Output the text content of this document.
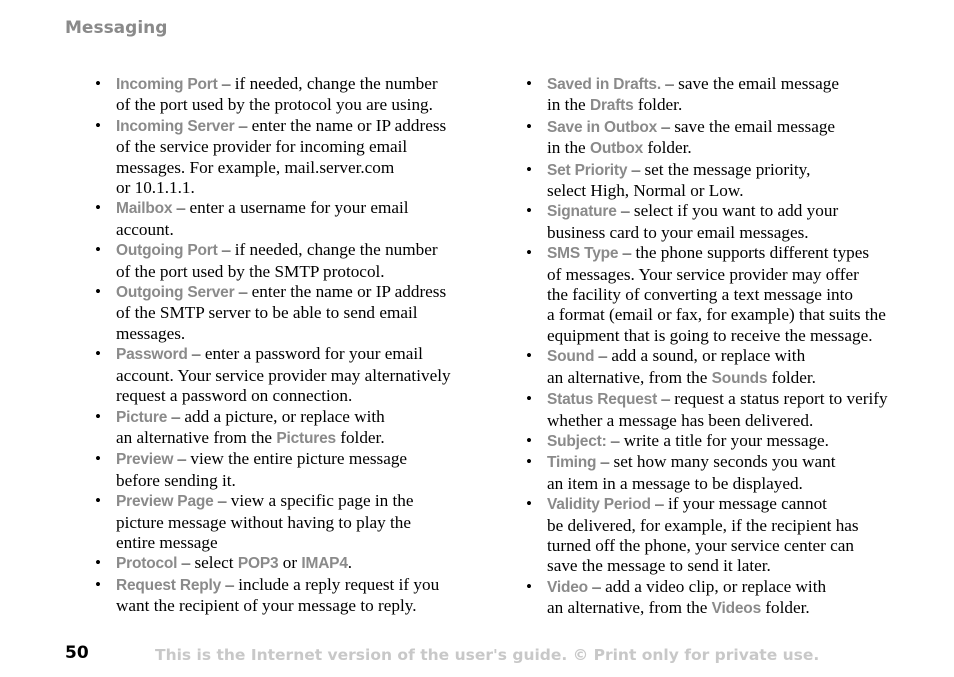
Messaging
• Incoming Port – if needed, change the number
of the port used by the protocol you are using.
• Incoming Server – enter the name or IP address
of the service provider for incoming email
messages. For example, mail.server.com
or 10.1.1.1.
• Mailbox – enter a username for your email
account.
• Outgoing Port – if needed, change the number
of the port used by the SMTP protocol.
• Outgoing Server – enter the name or IP address
of the SMTP server to be able to send email
messages.
• Password – enter a password for your email
account. Your service provider may alternatively
request a password on connection.
• Picture – add a picture, or replace with
an alternative from the Pictures folder.
• Preview – view the entire picture message
before sending it.
• Preview Page – view a specific page in the
picture message without having to play the
entire message
• Protocol – select POP3 or IMAP4.
• Request Reply – include a reply request if you
want the recipient of your message to reply.
• Saved in Drafts. – save the email message
in the Drafts folder.
• Save in Outbox – save the email message
in the Outbox folder.
• Set Priority – set the message priority,
select High, Normal or Low.
• Signature – select if you want to add your
business card to your email messages.
• SMS Type – the phone supports different types
of messages. Your service provider may offer
the facility of converting a text message into
a format (email or fax, for example) that suits the
equipment that is going to receive the message.
• Sound – add a sound, or replace with
an alternative, from the Sounds folder.
• Status Request – request a status report to verify
whether a message has been delivered.
• Subject: – write a title for your message.
• Timing – set how many seconds you want
an item in a message to be displayed.
• Validity Period – if your message cannot
be delivered, for example, if the recipient has
turned off the phone, your service center can
save the message to send it later.
• Video – add a video clip, or replace with
an alternative, from the Videos folder.
50	This is the Internet version of the user's guide. © Print only for private use.
